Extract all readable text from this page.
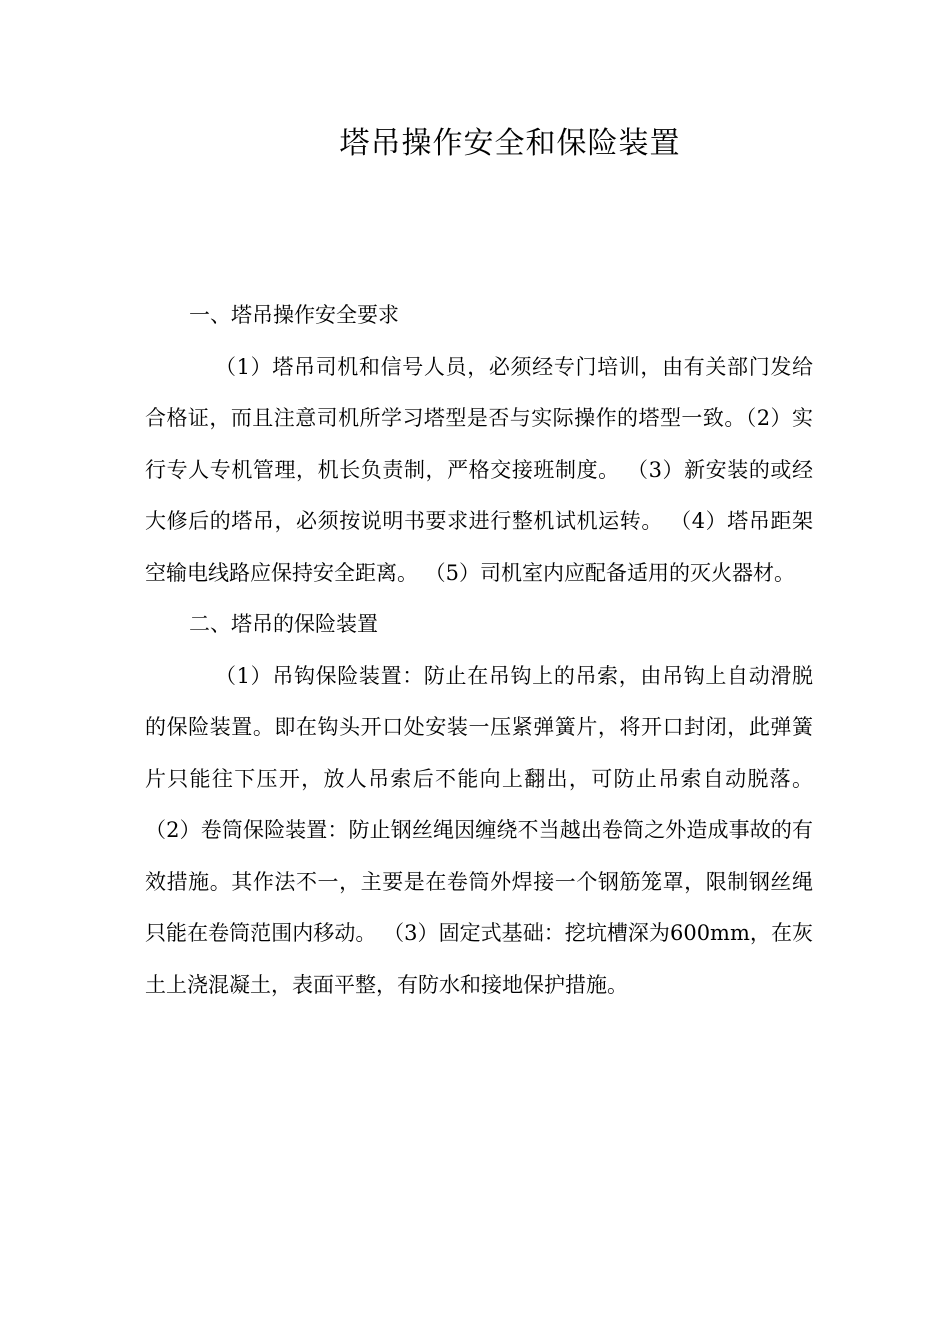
塔吊操作安全和保险装置

一、塔吊操作安全要求

（1）塔吊司机和信号人员，必须经专门培训，由有关部门发给合格证，而且注意司机所学习塔型是否与实际操作的塔型一致。（2）实行专人专机管理，机长负责制，严格交接班制度。 （3）新安装的或经大修后的塔吊，必须按说明书要求进行整机试机运转。 （4）塔吊距架空输电线路应保持安全距离。 （5）司机室内应配备适用的灭火器材。

二、塔吊的保险装置

（1）吊钩保险装置：防止在吊钩上的吊索，由吊钩上自动滑脱的保险装置。即在钩头开口处安装一压紧弹簧片，将开口封闭，此弹簧片只能往下压开，放人吊索后不能向上翻出，可防止吊索自动脱落。 （2）卷筒保险装置：防止钢丝绳因缠绕不当越出卷筒之外造成事故的有效措施。其作法不一，主要是在卷筒外焊接一个钢筋笼罩，限制钢丝绳只能在卷筒范围内移动。 （3）固定式基础：挖坑槽深为600mm，在灰土上浇混凝土，表面平整，有防水和接地保护措施。
